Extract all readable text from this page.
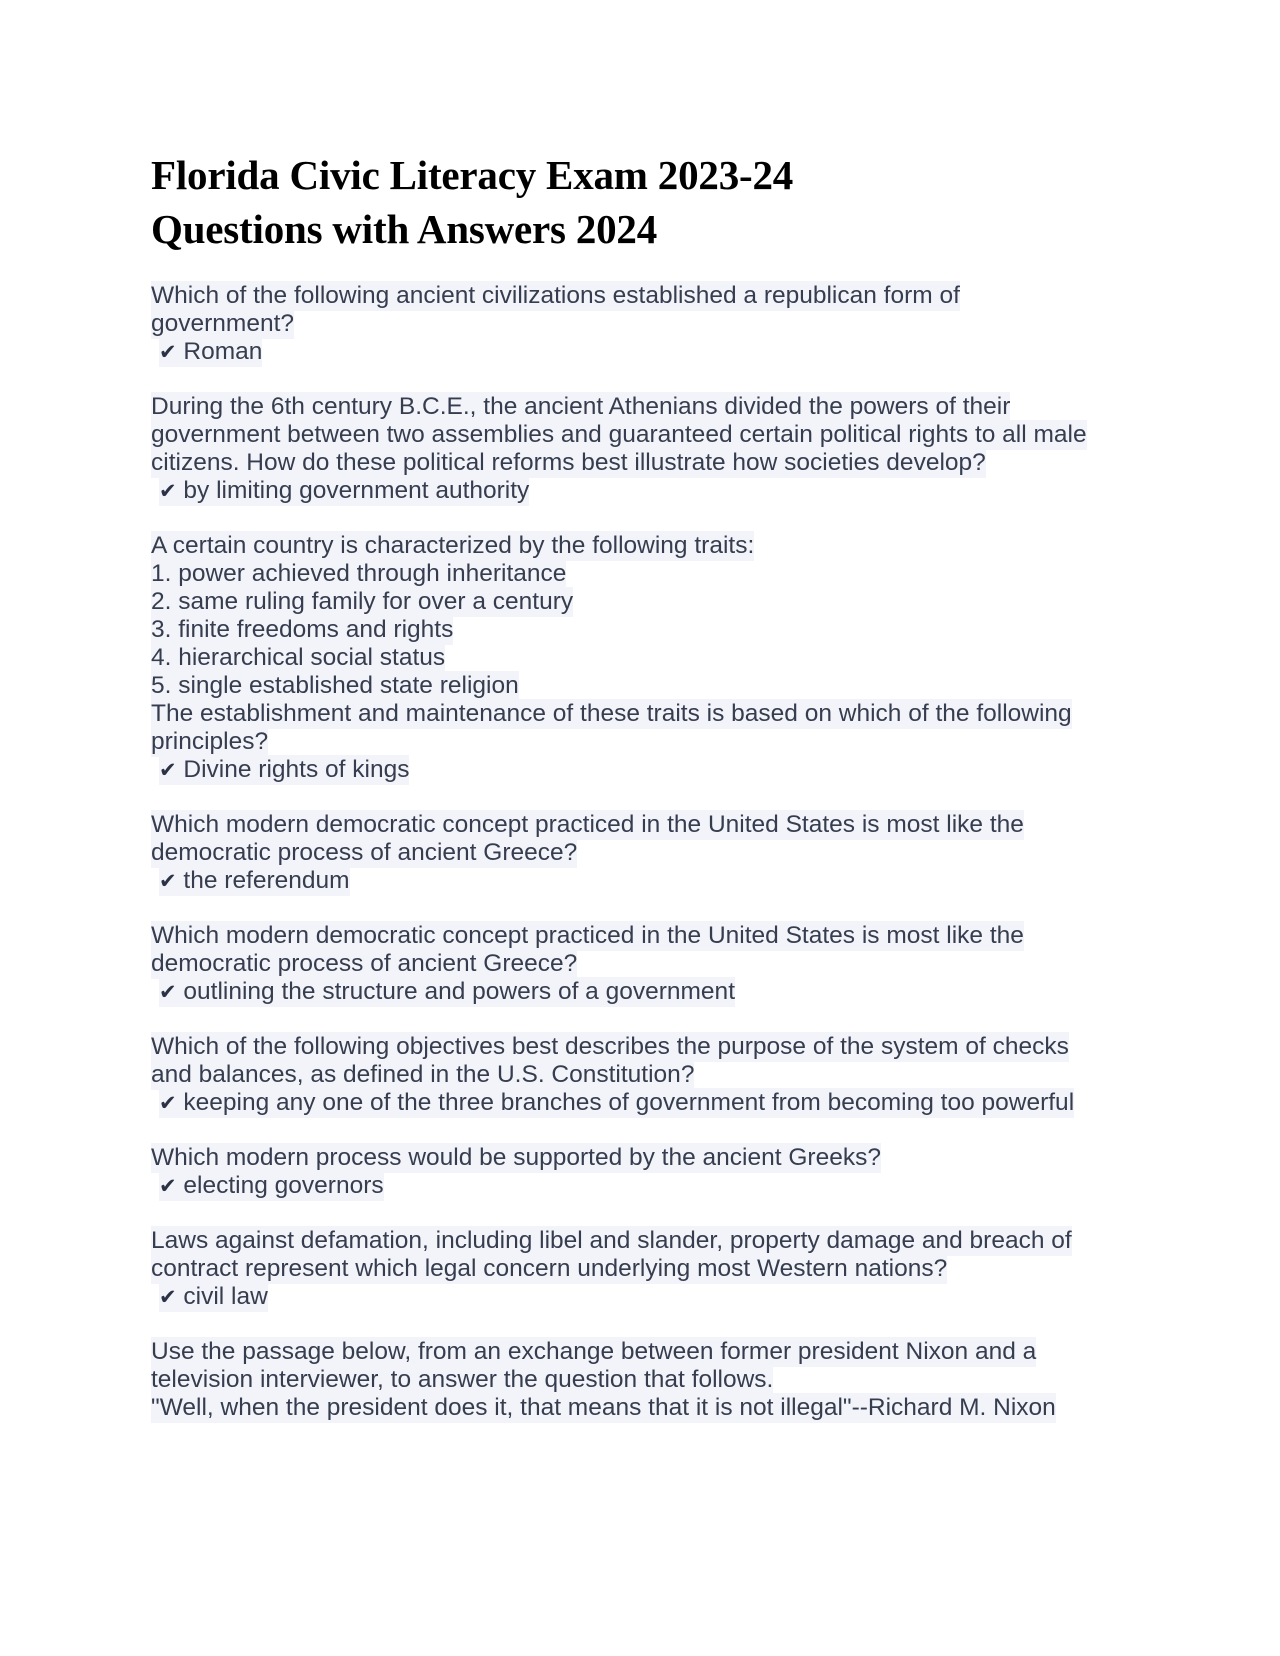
Florida Civic Literacy Exam 2023-24 Questions with Answers 2024

Which of the following ancient civilizations established a republican form of government?

✔ Roman

During the 6th century B.C.E., the ancient Athenians divided the powers of their government between two assemblies and guaranteed certain political rights to all male citizens. How do these political reforms best illustrate how societies develop?

✔ by limiting government authority

A certain country is characterized by the following traits:

1. power achieved through inheritance

2. same ruling family for over a century

3. finite freedoms and rights

4. hierarchical social status

5. single established state religion

The establishment and maintenance of these traits is based on which of the following principles?

✔ Divine rights of kings

Which modern democratic concept practiced in the United States is most like the democratic process of ancient Greece?

✔ the referendum

Which modern democratic concept practiced in the United States is most like the democratic process of ancient Greece?

✔ outlining the structure and powers of a government

Which of the following objectives best describes the purpose of the system of checks and balances, as defined in the U.S. Constitution?

✔ keeping any one of the three branches of government from becoming too powerful

Which modern process would be supported by the ancient Greeks?

✔ electing governors

Laws against defamation, including libel and slander, property damage and breach of contract represent which legal concern underlying most Western nations?

✔ civil law

Use the passage below, from an exchange between former president Nixon and a television interviewer, to answer the question that follows.

"Well, when the president does it, that means that it is not illegal"--Richard M. Nixon
